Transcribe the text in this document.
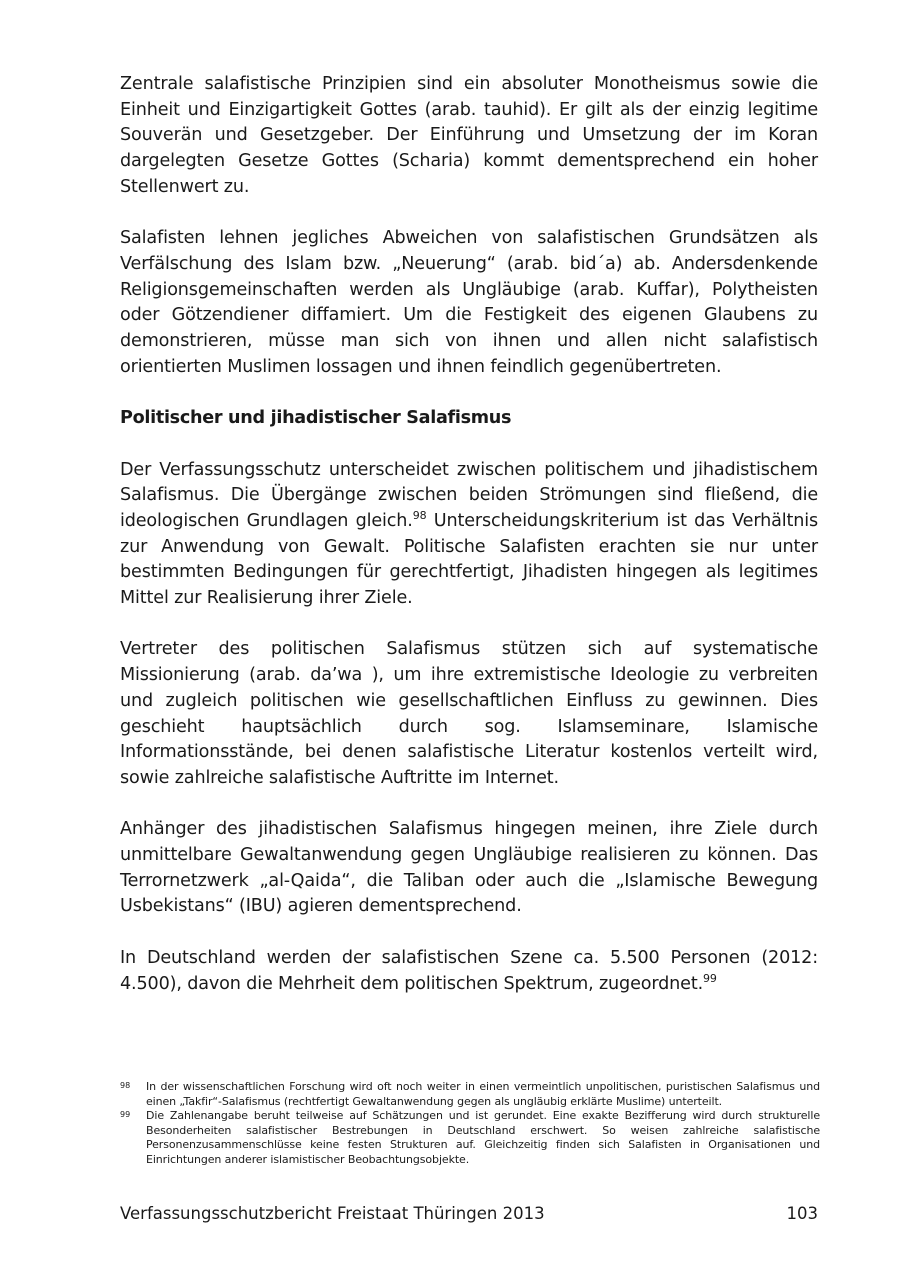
Zentrale salafistische Prinzipien sind ein absoluter Monotheismus sowie die Einheit und Einzigartigkeit Gottes (arab. tauhid). Er gilt als der einzig legitime Souverän und Gesetzgeber. Der Einführung und Umsetzung der im Koran dargelegten Gesetze Gottes (Scharia) kommt dementsprechend ein hoher Stellenwert zu.

Salafisten lehnen jegliches Abweichen von salafistischen Grundsätzen als Verfälschung des Islam bzw. „Neuerung“ (arab. bid´a) ab. Andersdenkende Religionsgemeinschaften werden als Ungläubige (arab. Kuffar), Polytheisten oder Götzendiener diffamiert. Um die Festigkeit des eigenen Glaubens zu demonstrieren, müsse man sich von ihnen und allen nicht salafistisch orientierten Muslimen lossagen und ihnen feindlich gegenübertreten.

Politischer und jihadistischer Salafismus

Der Verfassungsschutz unterscheidet zwischen politischem und jihadistischem Salafismus. Die Übergänge zwischen beiden Strömungen sind fließend, die ideologischen Grundlagen gleich.$^{98}$ Unterscheidungskriterium ist das Verhältnis zur Anwendung von Gewalt. Politische Salafisten erachten sie nur unter bestimmten Bedingungen für gerechtfertigt, Jihadisten hingegen als legitimes Mittel zur Realisierung ihrer Ziele.

Vertreter des politischen Salafismus stützen sich auf systematische Missionierung (arab. da’wa ), um ihre extremistische Ideologie zu verbreiten und zugleich politischen wie gesellschaftlichen Einfluss zu gewinnen. Dies geschieht hauptsächlich durch sog. Islamseminare, Islamische Informationsstände, bei denen salafistische Literatur kostenlos verteilt wird, sowie zahlreiche salafistische Auftritte im Internet.

Anhänger des jihadistischen Salafismus hingegen meinen, ihre Ziele durch unmittelbare Gewaltanwendung gegen Ungläubige realisieren zu können. Das Terrornetzwerk „al-Qaida“, die Taliban oder auch die „Islamische Bewegung Usbekistans“ (IBU) agieren dementsprechend.

In Deutschland werden der salafistischen Szene ca. 5.500 Personen (2012: 4.500), davon die Mehrheit dem politischen Spektrum, zugeordnet.$^{99}$

98	In der wissenschaftlichen Forschung wird oft noch weiter in einen vermeintlich unpolitischen, puristischen Salafismus und einen „Takfir“-Salafismus (rechtfertigt Gewaltanwendung gegen als ungläubig erklärte Muslime) unterteilt.
99	Die Zahlenangabe beruht teilweise auf Schätzungen und ist gerundet. Eine exakte Bezifferung wird durch strukturelle Besonderheiten salafistischer Bestrebungen in Deutschland erschwert. So weisen zahlreiche salafistische Personenzusammenschlüsse keine festen Strukturen auf. Gleichzeitig finden sich Salafisten in Organisationen und Einrichtungen anderer islamistischer Beobachtungsobjekte.
Verfassungsschutzbericht Freistaat Thüringen 2013	103
